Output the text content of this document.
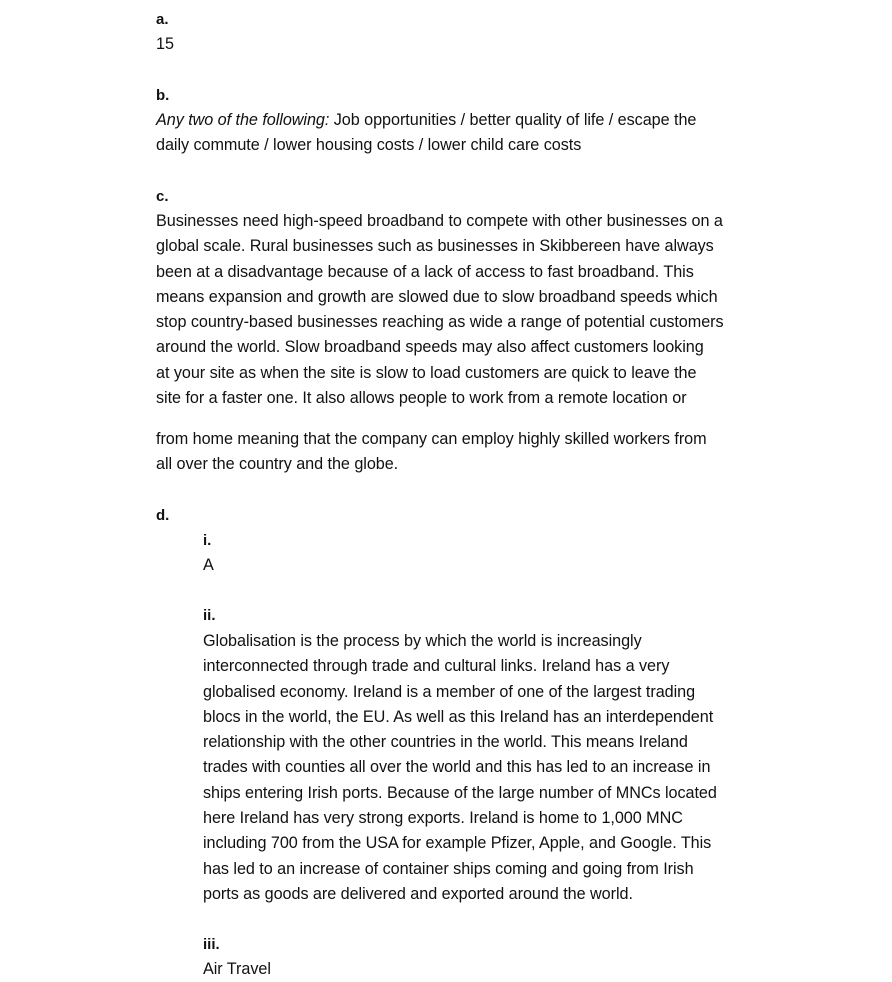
a.
15
b.
Any two of the following: Job opportunities / better quality of life / escape the
daily commute / lower housing costs / lower child care costs
c.
Businesses need high-speed broadband to compete with other businesses on a
global scale. Rural businesses such as businesses in Skibbereen have always
been at a disadvantage because of a lack of access to fast broadband. This
means expansion and growth are slowed due to slow broadband speeds which
stop country-based businesses reaching as wide a range of potential customers
around the world. Slow broadband speeds may also affect customers looking
at your site as when the site is slow to load customers are quick to leave the
site for a faster one. It also allows people to work from a remote location or
from home meaning that the company can employ highly skilled workers from
all over the country and the globe.
d.
i.
A
ii.
Globalisation is the process by which the world is increasingly
interconnected through trade and cultural links. Ireland has a very
globalised economy. Ireland is a member of one of the largest trading
blocs in the world, the EU. As well as this Ireland has an interdependent
relationship with the other countries in the world. This means Ireland
trades with counties all over the world and this has led to an increase in
ships entering Irish ports. Because of the large number of MNCs located
here Ireland has very strong exports. Ireland is home to 1,000 MNC
including 700 from the USA for example Pfizer, Apple, and Google. This
has led to an increase of container ships coming and going from Irish
ports as goods are delivered and exported around the world.
iii.
Air Travel
